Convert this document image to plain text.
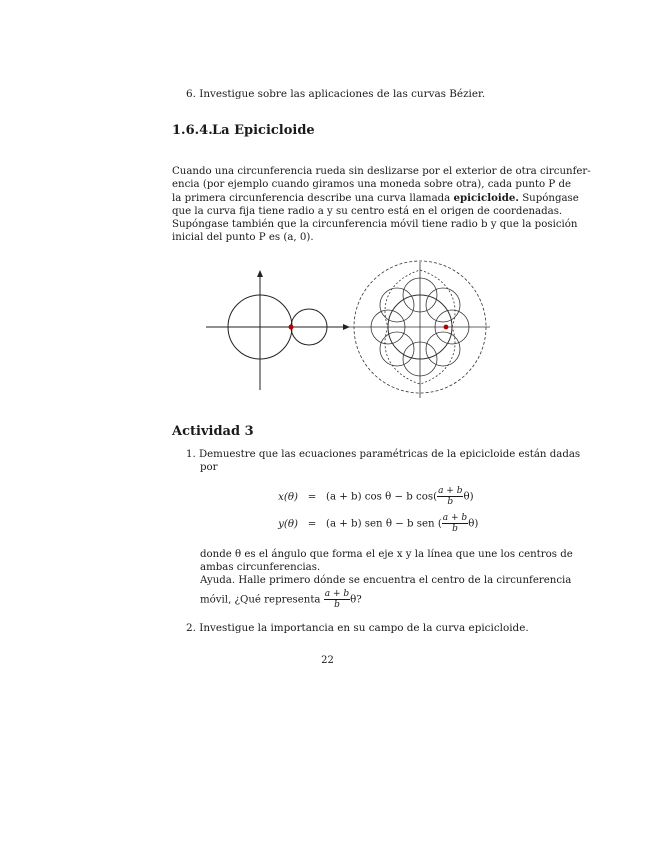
6. Investigue sobre las aplicaciones de las curvas Bézier.
1.6.4.La Epicicloide
Cuando una circunferencia rueda sin deslizarse por el exterior de otra circunfer-
encia (por ejemplo cuando giramos una moneda sobre otra), cada punto P de
la primera circunferencia describe una curva llamada epicicloide. Supóngase
que la curva fija tiene radio a y su centro está en el origen de coordenadas.
Supóngase también que la circunferencia móvil tiene radio b y que la posición
inicial del punto P es (a, 0).
Actividad 3
1. Demuestre que las ecuaciones paramétricas de la epicicloide están dadas
por
x(θ) = (a + b) cos θ − b $\cos( \frac{a + b}{b} \theta)$
y(θ) = (a + b) sen θ − b sen ( $\frac{a + b}{b} \theta$)
donde θ es el ángulo que forma el eje x y la línea que une los centros de
ambas circunferencias.
Ayuda. Halle primero dónde se encuentra el centro de la circunferencia
móvil, ¿Qué representa $\frac{a + b}{b} \theta$?
2. Investigue la importancia en su campo de la curva epicicloide.
22
